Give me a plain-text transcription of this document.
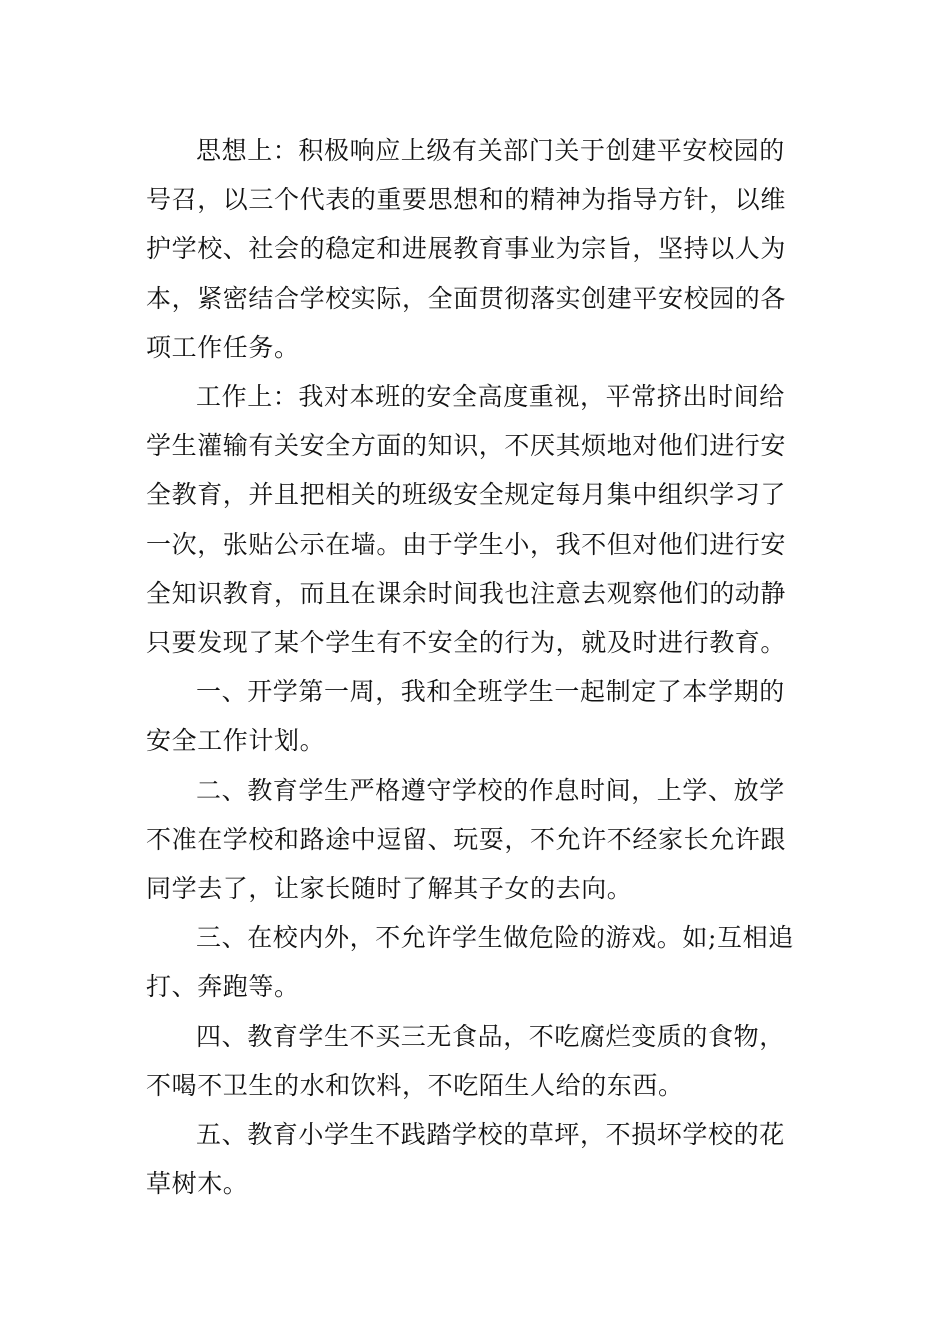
思想上：积极响应上级有关部门关于创建平安校园的
号召，以三个代表的重要思想和的精神为指导方针，以维
护学校、社会的稳定和进展教育事业为宗旨，坚持以人为
本，紧密结合学校实际，全面贯彻落实创建平安校园的各
项工作任务。

工作上：我对本班的安全高度重视，平常挤出时间给
学生灌输有关安全方面的知识，不厌其烦地对他们进行安
全教育，并且把相关的班级安全规定每月集中组织学习了
一次，张贴公示在墙。由于学生小，我不但对他们进行安
全知识教育，而且在课余时间我也注意去观察他们的动静
只要发现了某个学生有不安全的行为，就及时进行教育。

一、开学第一周，我和全班学生一起制定了本学期的
安全工作计划。

二、教育学生严格遵守学校的作息时间，上学、放学
不准在学校和路途中逗留、玩耍，不允许不经家长允许跟
同学去了，让家长随时了解其子女的去向。

三、在校内外，不允许学生做危险的游戏。如;互相追
打、奔跑等。

四、教育学生不买三无食品，不吃腐烂变质的食物，
不喝不卫生的水和饮料，不吃陌生人给的东西。

五、教育小学生不践踏学校的草坪，不损坏学校的花
草树木。
